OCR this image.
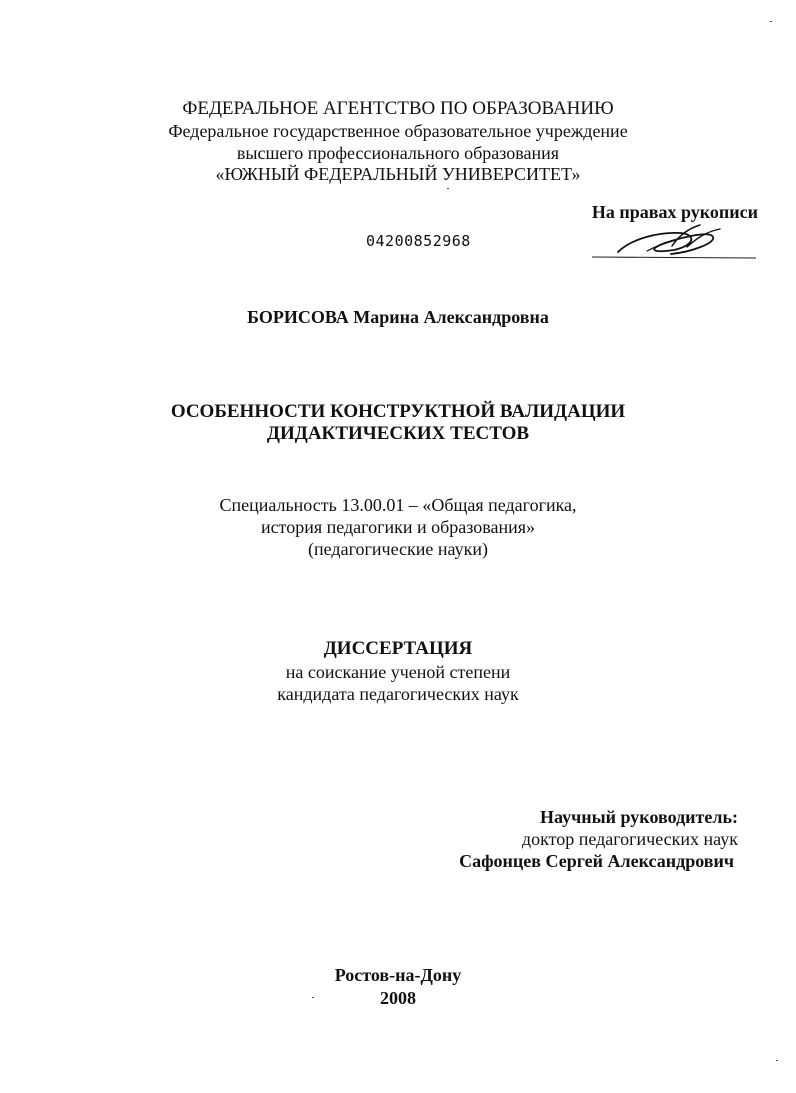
ФЕДЕРАЛЬНОЕ АГЕНТСТВО ПО ОБРАЗОВАНИЮ
Федеральное государственное образовательное учреждение
высшего профессионального образования
«ЮЖНЫЙ ФЕДЕРАЛЬНЫЙ УНИВЕРСИТЕТ»
На правах рукописи
04200852968
БОРИСОВА Марина Александровна
ОСОБЕННОСТИ КОНСТРУКТНОЙ ВАЛИДАЦИИ
ДИДАКТИЧЕСКИХ ТЕСТОВ
Специальность 13.00.01 – «Общая педагогика,
история педагогики и образования»
(педагогические науки)
ДИССЕРТАЦИЯ
на соискание ученой степени
кандидата педагогических наук
Научный руководитель:
доктор педагогических наук
Сафонцев Сергей Александрович
Ростов-на-Дону
2008
